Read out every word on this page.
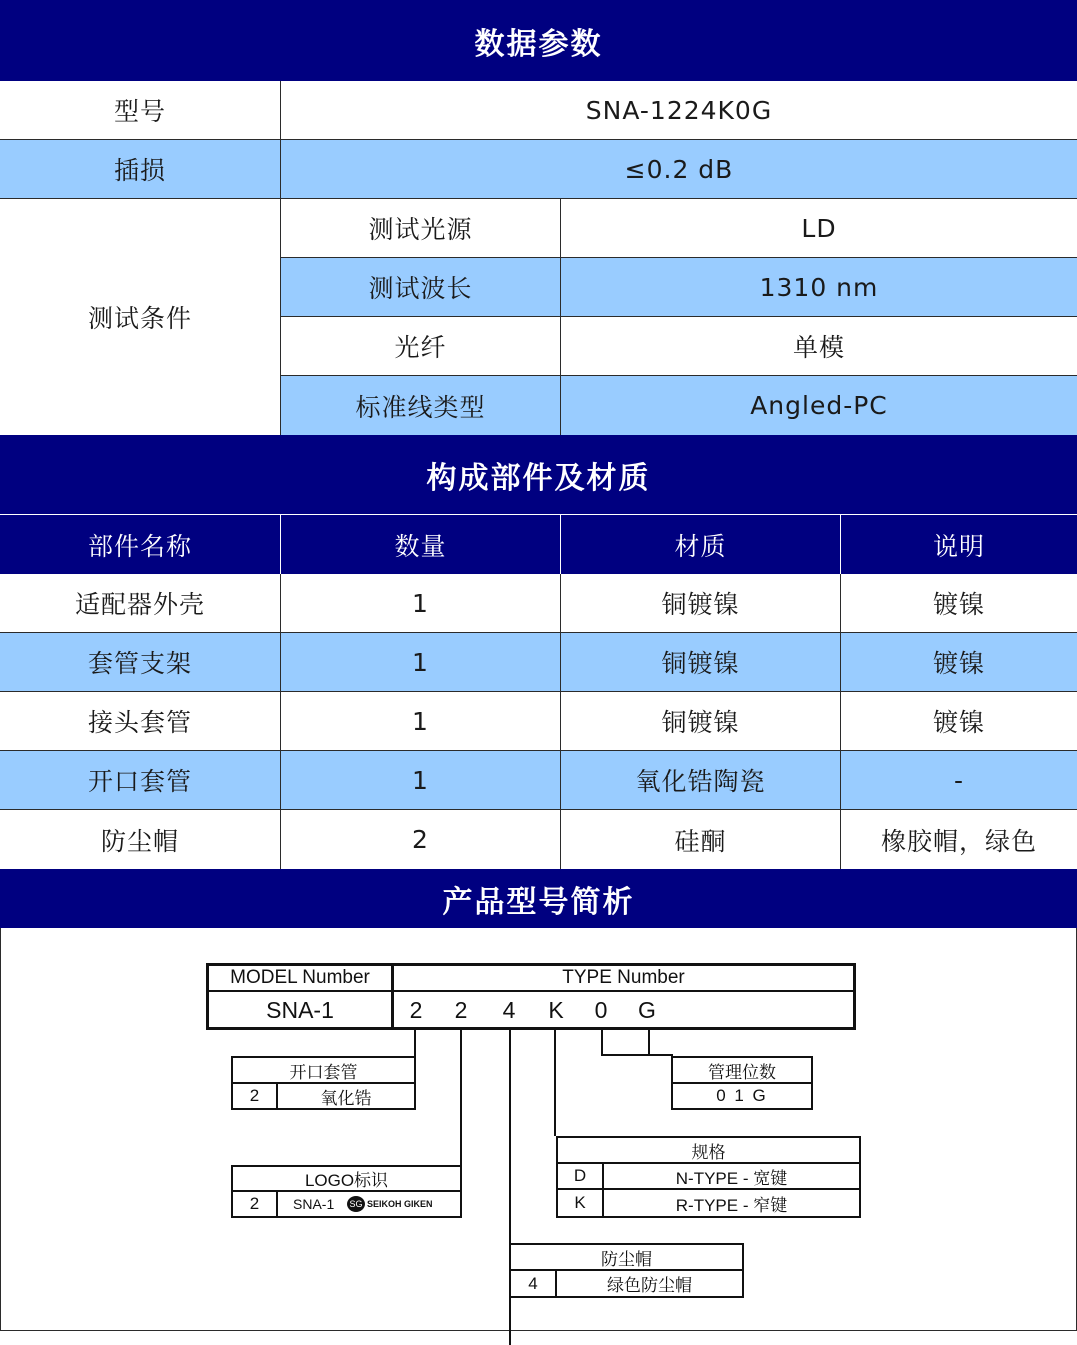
数据参数
型号	SNA-1224K0G
插损	≤0.2 dB
测试条件
测试光源	LD
测试波长	1310 nm
光纤	单模
标准线类型	Angled-PC
构成部件及材质
部件名称	数量	材质	说明
适配器外壳	1	铜镀镍	镀镍
套管支架	1	铜镀镍	镀镍
接头套管	1	铜镀镍	镀镍
开口套管	1	氧化锆陶瓷	-
防尘帽	2	硅酮	橡胶帽，绿色
产品型号简析
MODEL Number	TYPE Number
SNA-1	2 2 4 K 0 G
开口套管
2	氧化锆
管理位数
0 1 G
规格
D	N-TYPE - 宽键
K	R-TYPE - 窄键
LOGO标识
2	SNA-1	SG SEIKOH GIKEN
防尘帽
4	绿色防尘帽
